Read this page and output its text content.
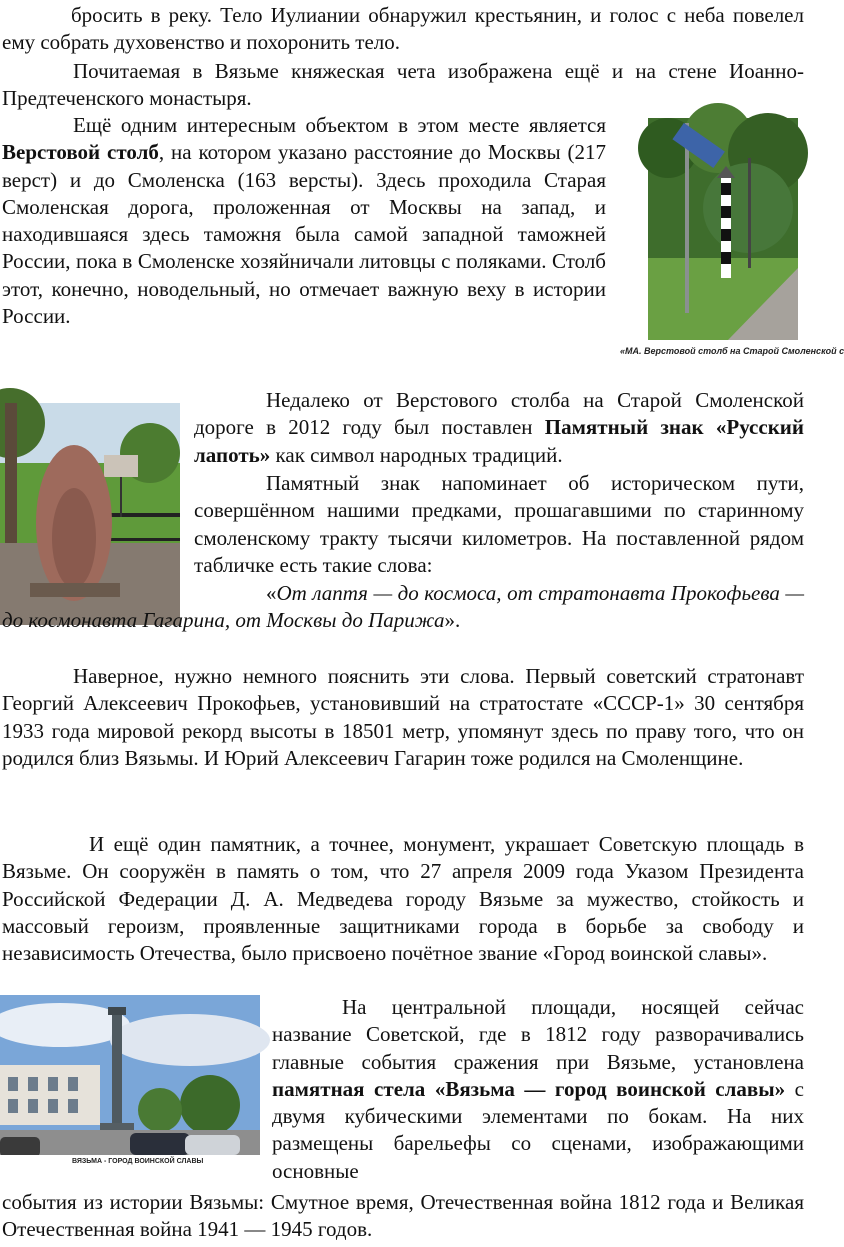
бросить в реку. Тело Иулиании обнаружил крестьянин, и голос с неба повелел ему собрать духовенство и похоронить тело.

Почитаемая в Вязьме княжеская чета изображена ещё и на стене Иоанно-Предтеченского монастыря.

Ещё одним интересным объектом в этом месте является Верстовой столб, на котором указано расстояние до Москвы (217 верст) и до Смоленска (163 версты). Здесь проходила Старая Смоленская дорога, проложенная от Москвы на запад, и находившаяся здесь таможня была самой западной таможней России, пока в Смоленске хозяйничали литовцы с поляками. Столб этот, конечно, новодельный, но отмечает важную веху в истории России.

«МА. Верстовой столб на Старой Смоленской с

Недалеко от Верстового столба на Старой Смоленской дороге в 2012 году был поставлен Памятный знак «Русский лапоть» как символ народных традиций.

Памятный знак напоминает об историческом пути, совершённом нашими предками, прошагавшими по старинному смоленскому тракту тысячи километров. На поставленной рядом табличке есть такие слова:

«От лаптя — до космоса, от стратонавта Прокофьева — до космонавта Гагарина, от Москвы до Парижа».

Наверное, нужно немного пояснить эти слова. Первый советский стратонавт Георгий Алексеевич Прокофьев, установивший на стратостате «СССР-1» 30 сентября 1933 года мировой рекорд высоты в 18501 метр, упомянут здесь по праву того, что он родился близ Вязьмы. И Юрий Алексеевич Гагарин тоже родился на Смоленщине.

И ещё один памятник, а точнее, монумент, украшает Советскую площадь в Вязьме. Он сооружён в память о том, что 27 апреля 2009 года Указом Президента Российской Федерации Д. А. Медведева городу Вязьме за мужество, стойкость и массовый героизм, проявленные защитниками города в борьбе за свободу и независимость Отечества, было присвоено почётное звание «Город воинской славы».

ВЯЗЬМА - ГОРОД ВОИНСКОЙ СЛАВЫ

На центральной площади, носящей сейчас название Советской, где в 1812 году разворачивались главные события сражения при Вязьме, установлена памятная стела «Вязьма — город воинской славы» с двумя кубическими элементами по бокам. На них размещены барельефы со сценами, изображающими основные

события из истории Вязьмы: Смутное время, Отечественная война 1812 года и Великая Отечественная война 1941 — 1945 годов.
